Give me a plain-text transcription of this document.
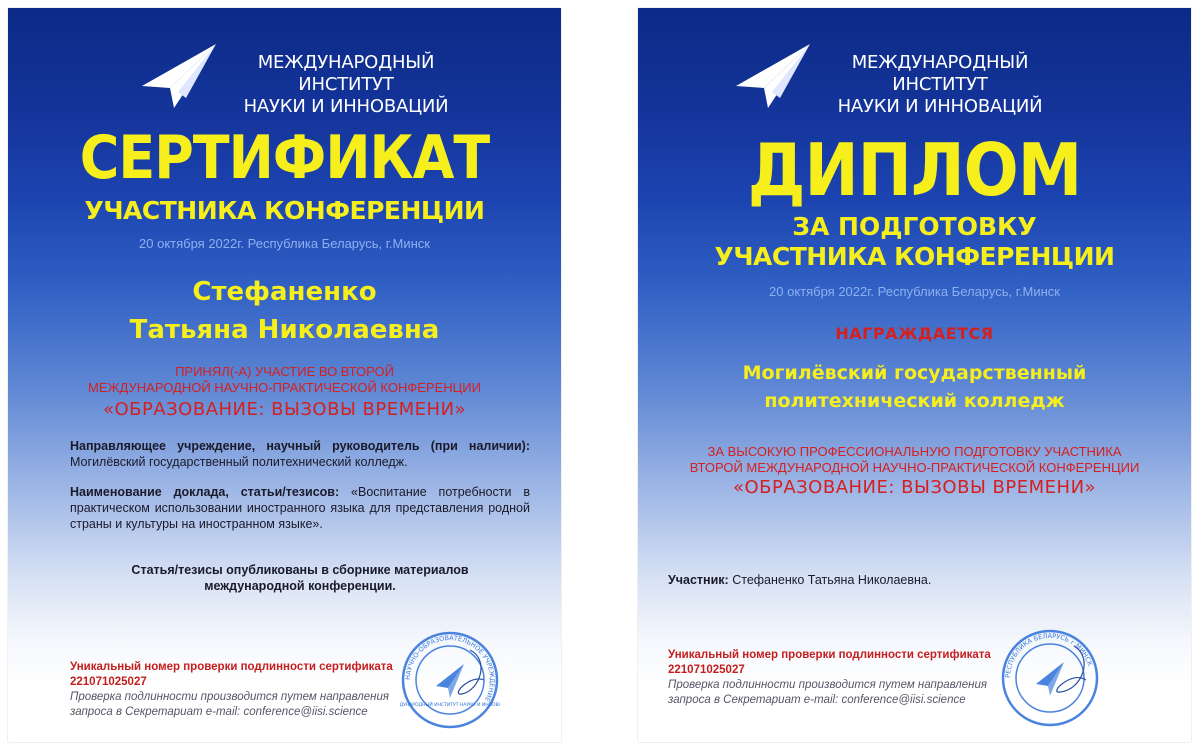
МЕЖДУНАРОДНЫЙ ИНСТИТУТ
НАУКИ И ИННОВАЦИЙ
СЕРТИФИКАТ
УЧАСТНИКА КОНФЕРЕНЦИИ
20 октября 2022г. Республика Беларусь, г.Минск
Стефаненко
Татьяна Николаевна
ПРИНЯЛ(-А) УЧАСТИЕ ВО ВТОРОЙ
МЕЖДУНАРОДНОЙ НАУЧНО-ПРАКТИЧЕСКОЙ КОНФЕРЕНЦИИ
«ОБРАЗОВАНИЕ: ВЫЗОВЫ ВРЕМЕНИ»
Направляющее учреждение, научный руководитель (при наличии): Могилёвский государственный политехнический колледж.
Наименование доклада, статьи/тезисов: «Воспитание потребности в практическом использовании иностранного языка для представления родной страны и культуры на иностранном языке».
Статья/тезисы опубликованы в сборнике материалов
международной конференции.
Уникальный номер проверки подлинности сертификата
221071025027
Проверка подлинности производится путем направления
запроса в Секретариат e-mail: conference@iisi.science
НАУЧНО-ОБРАЗОВАТЕЛЬНОЕ УЧРЕЖДЕНИЕ
ДУНАРОДНЫЙ ИНСТИТУТ НАУКИ И ИННОВ
МЕЖДУНАРОДНЫЙ ИНСТИТУТ
НАУКИ И ИННОВАЦИЙ
ДИПЛОМ
ЗА ПОДГОТОВКУ
УЧАСТНИКА КОНФЕРЕНЦИИ
20 октября 2022г. Республика Беларусь, г.Минск
НАГРАЖДАЕТСЯ
Могилёвский государственный
политехнический колледж
ЗА ВЫСОКУЮ ПРОФЕССИОНАЛЬНУЮ ПОДГОТОВКУ УЧАСТНИКА
ВТОРОЙ МЕЖДУНАРОДНОЙ НАУЧНО-ПРАКТИЧЕСКОЙ КОНФЕРЕНЦИИ
«ОБРАЗОВАНИЕ: ВЫЗОВЫ ВРЕМЕНИ»
Участник: Стефаненко Татьяна Николаевна.
Уникальный номер проверки подлинности сертификата
221071025027
Проверка подлинности производится путем направления
запроса в Секретариат e-mail: conference@iisi.science
РЕСПУБЛИКА БЕЛАРУСЬ г.МИНСК
